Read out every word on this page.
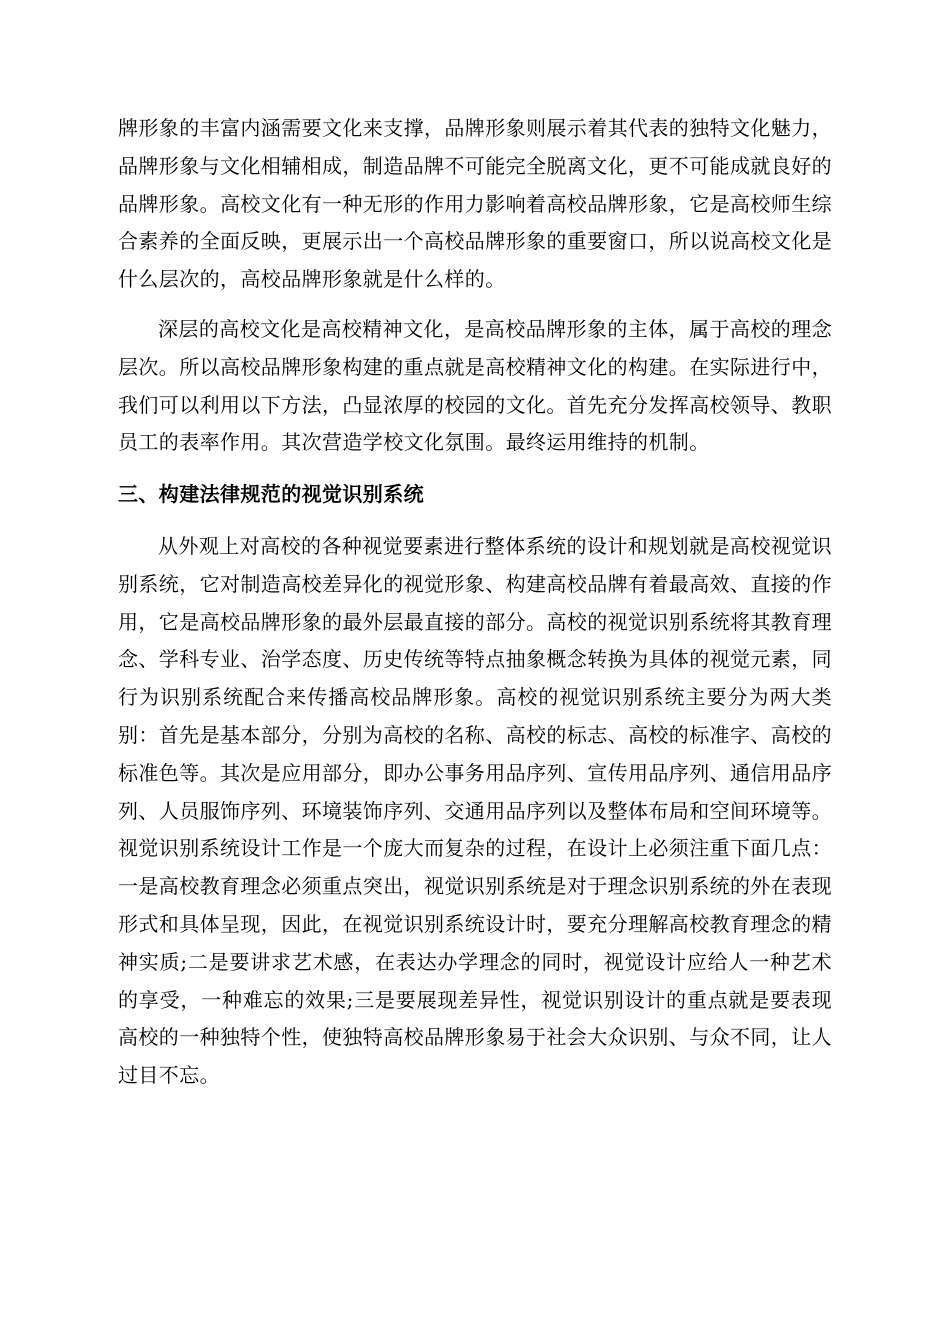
牌形象的丰富内涵需要文化来支撑，品牌形象则展示着其代表的独特文化魅力，品牌形象与文化相辅相成，制造品牌不可能完全脱离文化，更不可能成就良好的品牌形象。高校文化有一种无形的作用力影响着高校品牌形象，它是高校师生综合素养的全面反映，更展示出一个高校品牌形象的重要窗口，所以说高校文化是什么层次的，高校品牌形象就是什么样的。

深层的高校文化是高校精神文化，是高校品牌形象的主体，属于高校的理念层次。所以高校品牌形象构建的重点就是高校精神文化的构建。在实际进行中，我们可以利用以下方法，凸显浓厚的校园的文化。首先充分发挥高校领导、教职员工的表率作用。其次营造学校文化氛围。最终运用维持的机制。

三、构建法律规范的视觉识别系统

从外观上对高校的各种视觉要素进行整体系统的设计和规划就是高校视觉识别系统，它对制造高校差异化的视觉形象、构建高校品牌有着最高效、直接的作用，它是高校品牌形象的最外层最直接的部分。高校的视觉识别系统将其教育理念、学科专业、治学态度、历史传统等特点抽象概念转换为具体的视觉元素，同行为识别系统配合来传播高校品牌形象。高校的视觉识别系统主要分为两大类别：首先是基本部分，分别为高校的名称、高校的标志、高校的标准字、高校的标准色等。其次是应用部分，即办公事务用品序列、宣传用品序列、通信用品序列、人员服饰序列、环境装饰序列、交通用品序列以及整体布局和空间环境等。视觉识别系统设计工作是一个庞大而复杂的过程，在设计上必须注重下面几点：一是高校教育理念必须重点突出，视觉识别系统是对于理念识别系统的外在表现形式和具体呈现，因此，在视觉识别系统设计时，要充分理解高校教育理念的精神实质;二是要讲求艺术感，在表达办学理念的同时，视觉设计应给人一种艺术的享受，一种难忘的效果;三是要展现差异性，视觉识别设计的重点就是要表现高校的一种独特个性，使独特高校品牌形象易于社会大众识别、与众不同，让人过目不忘。
